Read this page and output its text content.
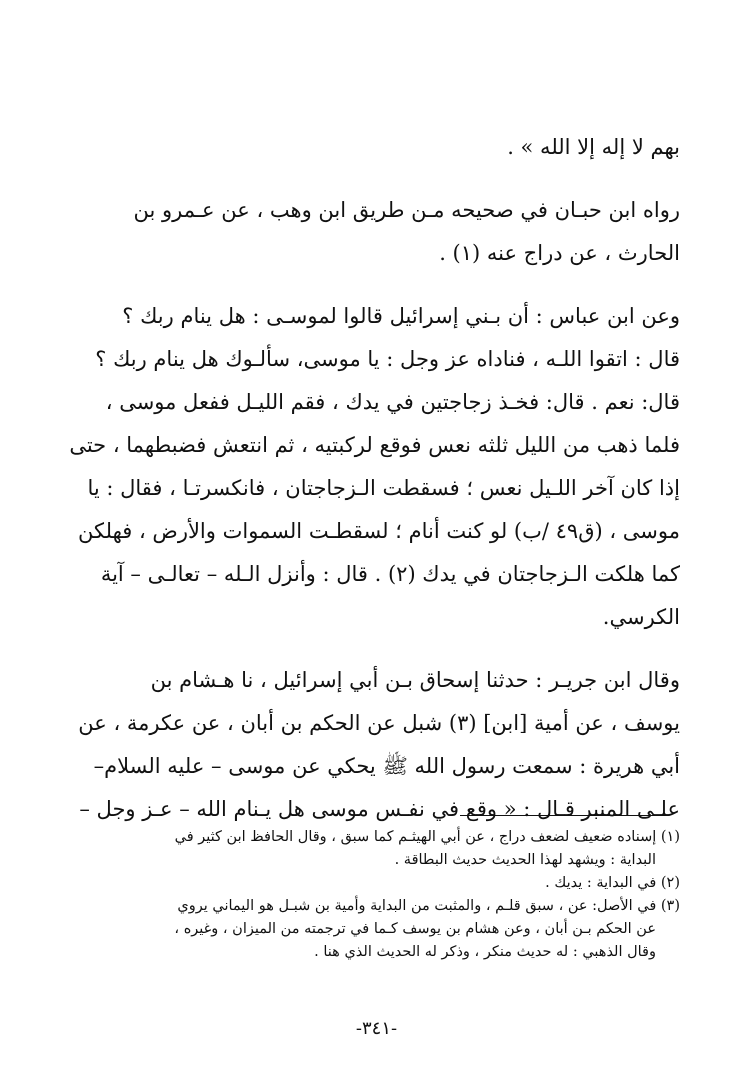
بهم لا إله إلا الله » .
رواه ابن حبـان في صحيحه مـن طريق ابن وهب ، عن عـمرو بن
الحارث ، عن دراج عنه (١) .
وعن ابن عباس : أن بـني إسرائيل قالوا لموسـى : هل ينام ربك ؟
قال : اتقوا اللـه ، فناداه عز وجل : يا موسى، سألـوك هل ينام ربك ؟
قال: نعم . قال: فخـذ زجاجتين في يدك ، فقم الليـل ففعل موسى ،
فلما ذهب من الليل ثلثه نعس فوقع لركبتيه ، ثم انتعش فضبطهما ، حتى
إذا كان آخر اللـيل نعس ؛ فسقطت الـزجاجتان ، فانكسرتـا ، فقال : يا
موسى ، (ق٤٩ /ب) لو كنت أنام ؛ لسقطـت السموات والأرض ، فهلكن
كما هلكت الـزجاجتان في يدك (٢) . قال : وأنزل الـله – تعالـى – آية
الكرسي.
وقال ابن جريـر : حدثنا إسحاق بـن أبي إسرائيل ، نا هـشام بن
يوسف ، عن أمية [ابن] (٣) شبل عن الحكم بن أبان ، عن عكرمة ، عن
أبي هريرة : سمعت رسول الله ﷺ يحكي عن موسى – عليه السلام–
علـى المنبر قـال : « وقع في نفـس موسى هل يـنام الله – عـز وجل –
(١) إسناده ضعيف لضعف دراج ، عن أبي الهيثـم كما سبق ، وقال الحافظ ابن كثير في
البداية : ويشهد لهذا الحديث حديث البطاقة .
(٢) في البداية : يديك .
(٣) في الأصل: عن ، سبق قلـم ، والمثبت من البداية وأمية بن شبـل هو اليماني يروي
عن الحكم بـن أبان ، وعن هشام بن يوسف كـما في ترجمته من الميزان ، وغيره ،
وقال الذهبي : له حديث منكر ، وذكر له الحديث الذي هنا .
-٣٤١-
